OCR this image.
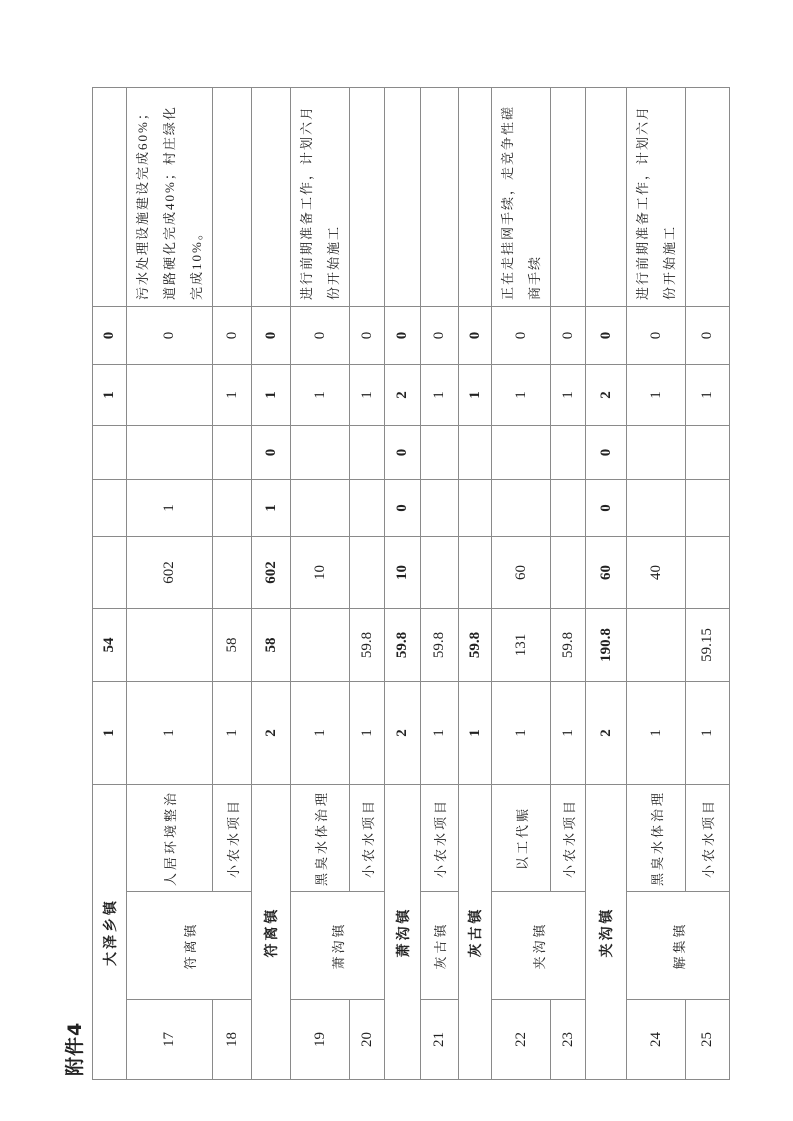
附件4
大泽乡镇			1	54				1	0	
17	符离镇	人居环境整治	1		602	1			0	污水处理设施建设完成60%；道路硬化完成40%；村庄绿化完成10%。
18		小农水项目	1	58				1	0	
符离镇			2	58	602	1	0	1	0	
19	萧沟镇	黑臭水体治理	1		10			1	0	进行前期准备工作，计划六月份开始施工
20		小农水项目	1	59.8				1	0	
萧沟镇			2	59.8	10	0	0	2	0	
21	灰古镇	小农水项目	1	59.8				1	0	
灰古镇			1	59.8				1	0	
22	夹沟镇	以工代赈	1	131	60			1	0	正在走挂网手续，走竞争性磋商手续
23		小农水项目	1	59.8				1	0	
夹沟镇			2	190.8	60	0	0	2	0	
24	解集镇	黑臭水体治理	1		40			1	0	进行前期准备工作，计划六月份开始施工
25		小农水项目	1	59.15				1	0	
